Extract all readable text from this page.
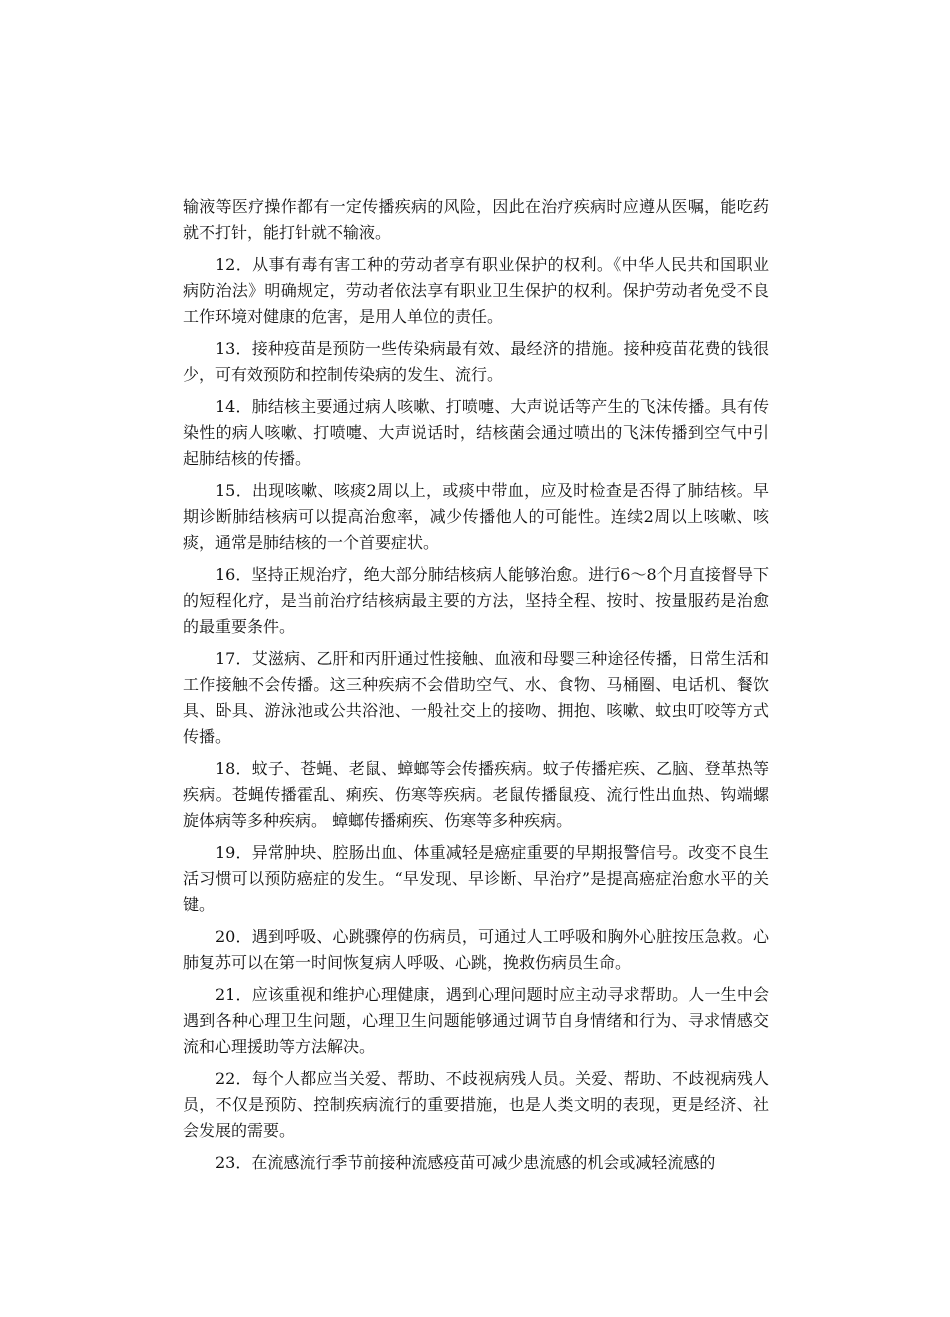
输液等医疗操作都有一定传播疾病的风险，因此在治疗疾病时应遵从医嘱，能吃药就不打针，能打针就不输液。

12．从事有毒有害工种的劳动者享有职业保护的权利。《中华人民共和国职业病防治法》明确规定，劳动者依法享有职业卫生保护的权利。保护劳动者免受不良工作环境对健康的危害，是用人单位的责任。

13．接种疫苗是预防一些传染病最有效、最经济的措施。接种疫苗花费的钱很少，可有效预防和控制传染病的发生、流行。

14．肺结核主要通过病人咳嗽、打喷嚏、大声说话等产生的飞沫传播。具有传染性的病人咳嗽、打喷嚏、大声说话时，结核菌会通过喷出的飞沫传播到空气中引起肺结核的传播。

15．出现咳嗽、咳痰2周以上，或痰中带血，应及时检查是否得了肺结核。早期诊断肺结核病可以提高治愈率，减少传播他人的可能性。连续2周以上咳嗽、咳痰，通常是肺结核的一个首要症状。

16．坚持正规治疗，绝大部分肺结核病人能够治愈。进行6～8个月直接督导下的短程化疗，是当前治疗结核病最主要的方法，坚持全程、按时、按量服药是治愈的最重要条件。

17．艾滋病、乙肝和丙肝通过性接触、血液和母婴三种途径传播，日常生活和工作接触不会传播。这三种疾病不会借助空气、水、食物、马桶圈、电话机、餐饮具、卧具、游泳池或公共浴池、一般社交上的接吻、拥抱、咳嗽、蚊虫叮咬等方式传播。

18．蚊子、苍蝇、老鼠、蟑螂等会传播疾病。蚊子传播疟疾、乙脑、登革热等疾病。苍蝇传播霍乱、痢疾、伤寒等疾病。老鼠传播鼠疫、流行性出血热、钩端螺旋体病等多种疾病。 蟑螂传播痢疾、伤寒等多种疾病。

19．异常肿块、腔肠出血、体重减轻是癌症重要的早期报警信号。改变不良生活习惯可以预防癌症的发生。“早发现、早诊断、早治疗”是提高癌症治愈水平的关键。

20．遇到呼吸、心跳骤停的伤病员，可通过人工呼吸和胸外心脏按压急救。心肺复苏可以在第一时间恢复病人呼吸、心跳，挽救伤病员生命。

21．应该重视和维护心理健康，遇到心理问题时应主动寻求帮助。人一生中会遇到各种心理卫生问题，心理卫生问题能够通过调节自身情绪和行为、寻求情感交流和心理援助等方法解决。

22．每个人都应当关爱、帮助、不歧视病残人员。关爱、帮助、不歧视病残人员，不仅是预防、控制疾病流行的重要措施，也是人类文明的表现，更是经济、社会发展的需要。

23．在流感流行季节前接种流感疫苗可减少患流感的机会或减轻流感的
